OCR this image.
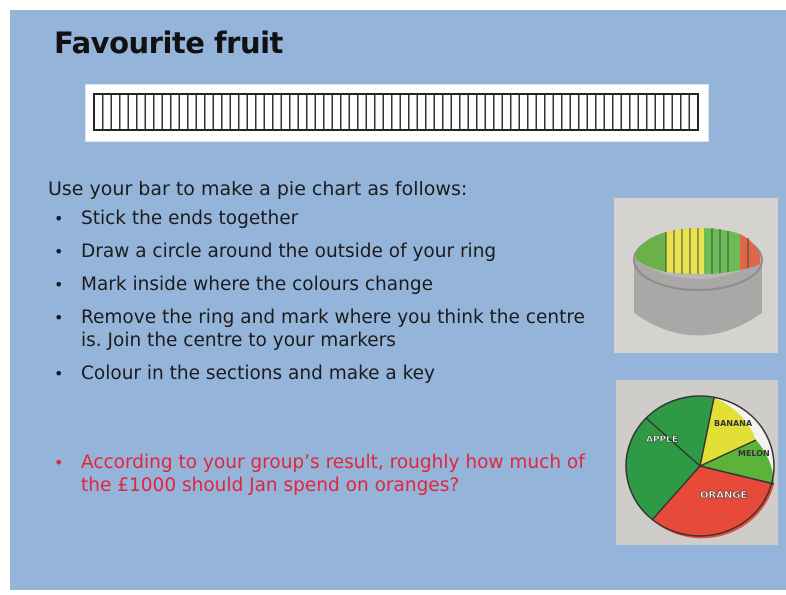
Favourite fruit

Use your bar to make a pie chart as follows:

• Stick the ends together
• Draw a circle around the outside of your ring
• Mark inside where the colours change
• Remove the ring and mark where you think the centre is. Join the centre to your markers
• Colour in the sections and make a key

• According to your group’s result, roughly how much of the £1000 should Jan spend on oranges?

APPLE
BANANA
MELON
ORANGE
